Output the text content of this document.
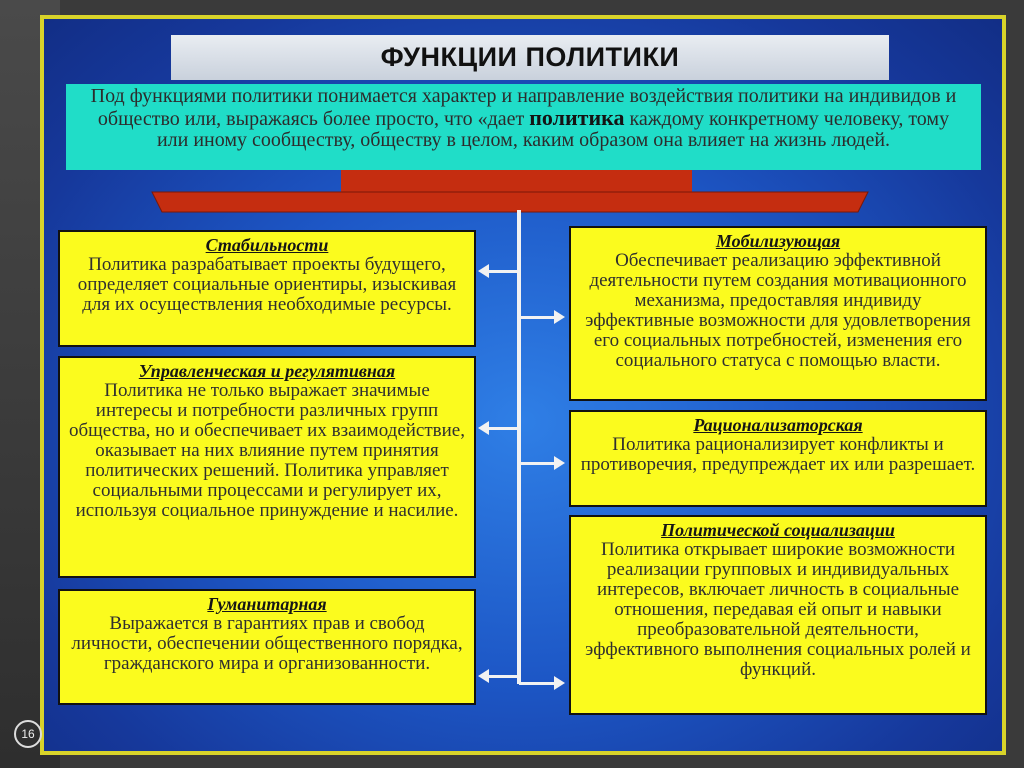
ФУНКЦИИ ПОЛИТИКИ
Под функциями политики понимается характер и направление воздействия политики на индивидов и общество или, выражаясь более просто, что «дает политика каждому конкретному человеку, тому или иному сообществу, обществу в целом, каким образом она влияет на жизнь людей.
Стабильности
Политика разрабатывает проекты будущего, определяет социальные ориентиры, изыскивая для их осуществления необходимые ресурсы.
Управленческая и регулятивная
Политика не только выражает значимые интересы и потребности различных групп общества, но и обеспечивает их взаимодействие, оказывает на них влияние путем принятия политических решений. Политика управляет социальными процессами и регулирует их, используя социальное принуждение и насилие.
Гуманитарная
Выражается в гарантиях прав и свобод личности, обеспечении общественного порядка, гражданского мира и организованности.
Мобилизующая
Обеспечивает реализацию эффективной деятельности путем создания мотивационного механизма, предоставляя индивиду эффективные возможности для удовлетворения его социальных потребностей, изменения его социального статуса с помощью власти.
Рационализаторская
Политика рационализирует конфликты и противоречия, предупреждает их или разрешает.
Политической социализации
Политика открывает широкие возможности реализации групповых и индивидуальных интересов, включает личность в социальные отношения, передавая ей опыт и навыки преобразовательной деятельности, эффективного выполнения социальных ролей и функций.
16
